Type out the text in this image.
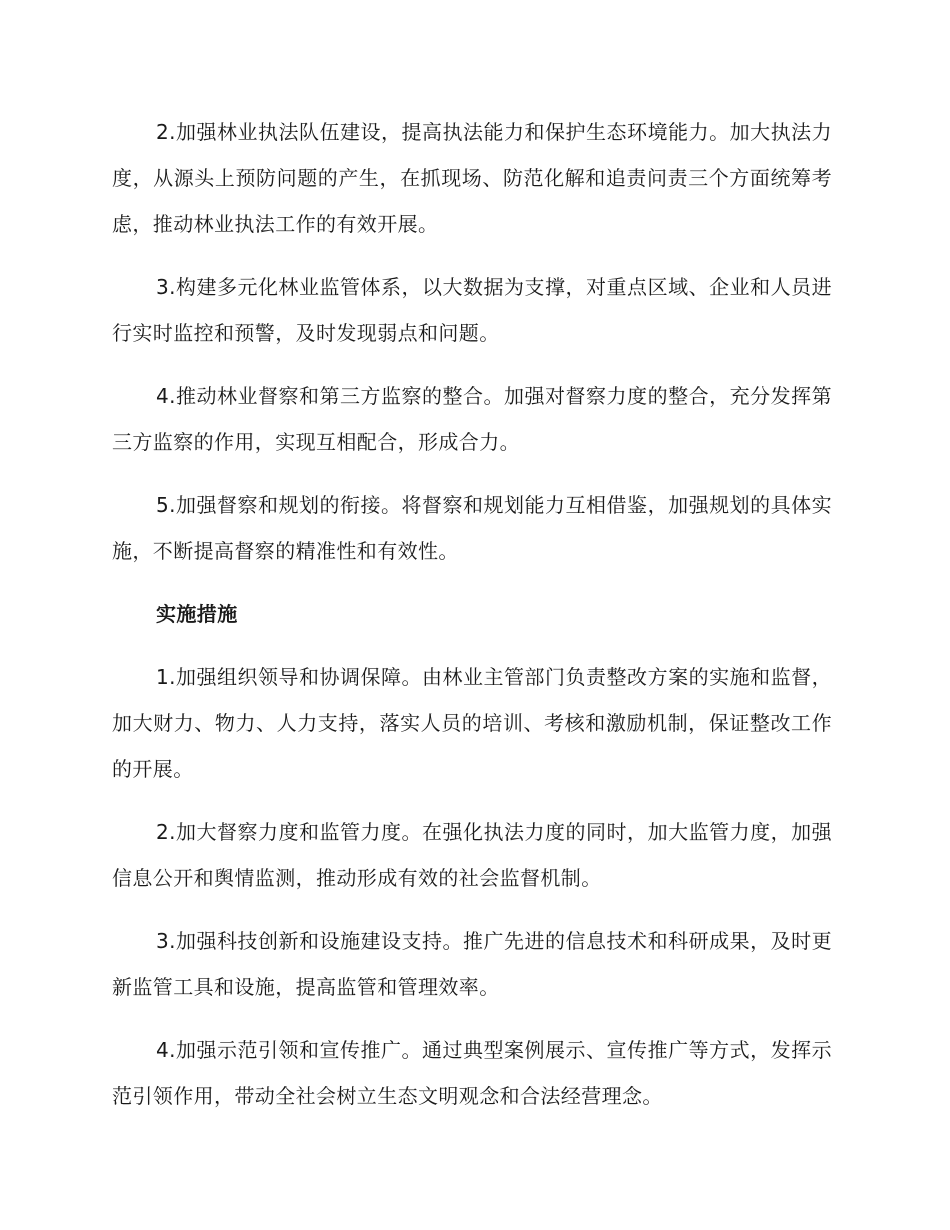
2.加强林业执法队伍建设，提高执法能力和保护生态环境能力。加大执法力度，从源头上预防问题的产生，在抓现场、防范化解和追责问责三个方面统筹考虑，推动林业执法工作的有效开展。

3.构建多元化林业监管体系，以大数据为支撑，对重点区域、企业和人员进行实时监控和预警，及时发现弱点和问题。

4.推动林业督察和第三方监察的整合。加强对督察力度的整合，充分发挥第三方监察的作用，实现互相配合，形成合力。

5.加强督察和规划的衔接。将督察和规划能力互相借鉴，加强规划的具体实施，不断提高督察的精准性和有效性。

实施措施

1.加强组织领导和协调保障。由林业主管部门负责整改方案的实施和监督，加大财力、物力、人力支持，落实人员的培训、考核和激励机制，保证整改工作的开展。

2.加大督察力度和监管力度。在强化执法力度的同时，加大监管力度，加强信息公开和舆情监测，推动形成有效的社会监督机制。

3.加强科技创新和设施建设支持。推广先进的信息技术和科研成果，及时更新监管工具和设施，提高监管和管理效率。

4.加强示范引领和宣传推广。通过典型案例展示、宣传推广等方式，发挥示范引领作用，带动全社会树立生态文明观念和合法经营理念。
